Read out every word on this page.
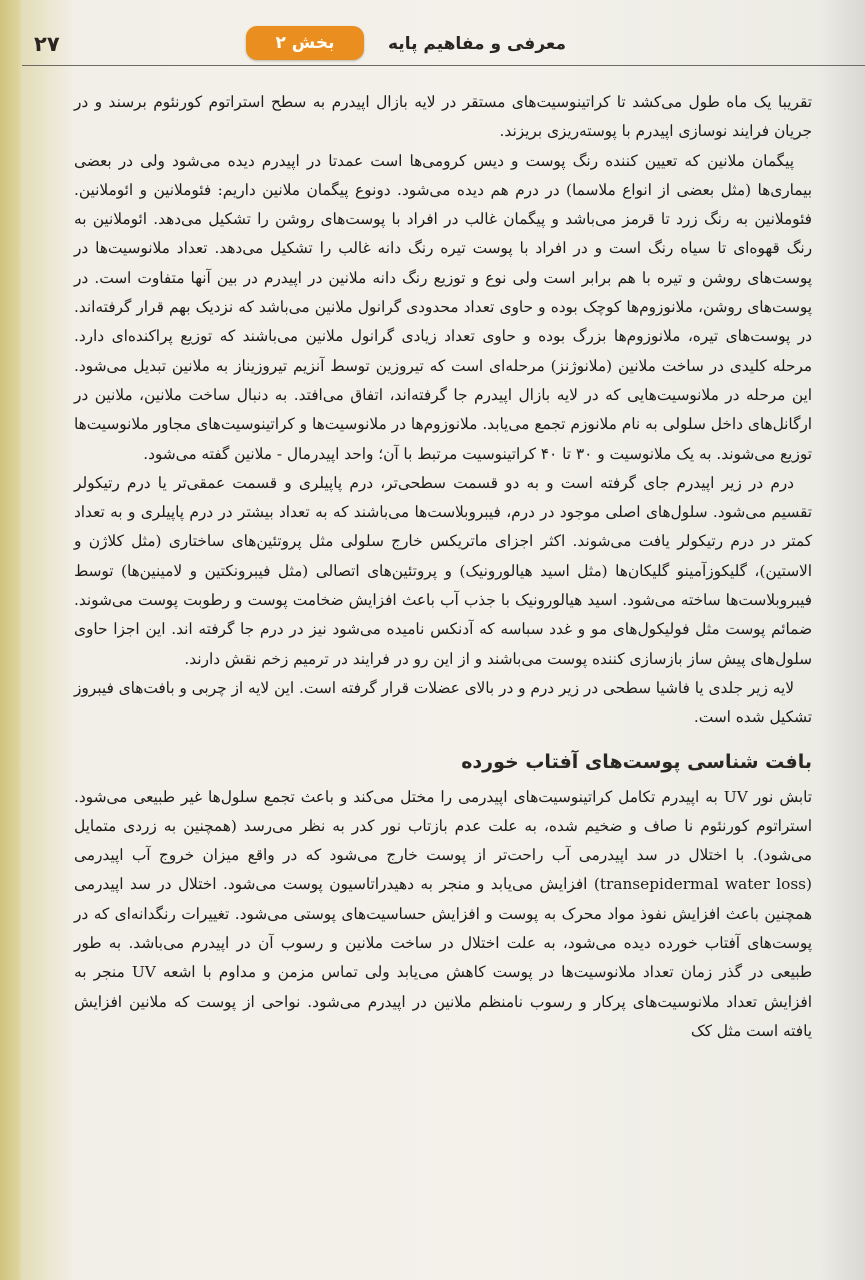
۲۷	بخش ۲	معرفی و مفاهیم پایه

تقریبا یک ماه طول می‌کشد تا کراتینوسیت‌های مستقر در لایه بازال اپیدرم به سطح استراتوم کورنئوم برسند و در جریان فرایند نوسازی اپیدرم با پوسته‌ریزی بریزند.

پیگمان ملانین که تعیین کننده رنگ پوست و دیس کرومی‌ها است عمدتا در اپیدرم دیده می‌شود ولی در بعضی بیماری‌ها (مثل بعضی از انواع ملاسما) در درم هم دیده می‌شود. دونوع پیگمان ملانین داریم: فئوملانین و ائوملانین. فئوملانین به رنگ زرد تا قرمز می‌باشد و پیگمان غالب در افراد با پوست‌های روشن را تشکیل می‌دهد. ائوملانین به رنگ قهوه‌ای تا سیاه رنگ است و در افراد با پوست تیره رنگ دانه غالب را تشکیل می‌دهد. تعداد ملانوسیت‌ها در پوست‌های روشن و تیره با هم برابر است ولی نوع و توزیع رنگ دانه ملانین در اپیدرم در بین آنها متفاوت است. در پوست‌های روشن، ملانوزوم‌ها کوچک بوده و حاوی تعداد محدودی گرانول ملانین می‌باشد که نزدیک بهم قرار گرفته‌اند. در پوست‌های تیره، ملانوزوم‌ها بزرگ بوده و حاوی تعداد زیادی گرانول ملانین می‌باشند که توزیع پراکنده‌ای دارد. مرحله کلیدی در ساخت ملانین (ملانوژنز) مرحله‌ای است که تیروزین توسط آنزیم تیروزیناز به ملانین تبدیل می‌شود. این مرحله در ملانوسیت‌هایی که در لایه بازال اپیدرم جا گرفته‌اند، اتفاق می‌افتد. به دنبال ساخت ملانین، ملانین در ارگانل‌های داخل سلولی به نام ملانوزم تجمع می‌یابد. ملانوزوم‌ها در ملانوسیت‌ها و کراتینوسیت‌های مجاور ملانوسیت‌ها توزیع می‌شوند. به یک ملانوسیت و ۳۰ تا ۴۰ کراتینوسیت مرتبط با آن؛ واحد اپیدرمال - ملانین گفته می‌شود.

درم در زیر اپیدرم جای گرفته است و به دو قسمت سطحی‌تر، درم پاپیلری و قسمت عمقی‌تر یا درم رتیکولر تقسیم می‌شود. سلول‌های اصلی موجود در درم، فیبروبلاست‌ها می‌باشند که به تعداد بیشتر در درم پاپیلری و به تعداد کمتر در درم رتیکولر یافت می‌شوند. اکثر اجزای ماتریکس خارج سلولی مثل پروتئین‌های ساختاری (مثل کلاژن و الاستین)، گلیکوزآمینو گلیکان‌ها (مثل اسید هیالورونیک) و پروتئین‌های اتصالی (مثل فیبرونکتین و لامینین‌ها) توسط فیبروبلاست‌ها ساخته می‌شود. اسید هیالورونیک با جذب آب باعث افزایش ضخامت پوست و رطوبت پوست می‌شوند. ضمائم پوست مثل فولیکول‌های مو و غدد سباسه که آدنکس نامیده می‌شود نیز در درم جا گرفته اند. این اجزا حاوی سلول‌های پیش ساز بازسازی کننده پوست می‌باشند و از این رو در فرایند در ترمیم زخم نقش دارند.

لایه زیر جلدی یا فاشیا سطحی در زیر درم و در بالای عضلات قرار گرفته است. این لایه از چربی و بافت‌های فیبروز تشکیل شده است.

بافت شناسی پوست‌های آفتاب خورده

تابش نور UV به اپیدرم تکامل کراتینوسیت‌های اپیدرمی را مختل می‌کند و باعث تجمع سلول‌ها غیر طبیعی می‌شود. استراتوم کورنئوم نا صاف و ضخیم شده، به علت عدم بازتاب نور کدر به نظر می‌رسد (همچنین به زردی متمایل می‌شود). با اختلال در سد اپیدرمی آب راحت‌تر از پوست خارج می‌شود که در واقع میزان خروج آب اپیدرمی (transepidermal water loss) افزایش می‌یابد و منجر به دهیدراتاسیون پوست می‌شود. اختلال در سد اپیدرمی همچنین باعث افزایش نفوذ مواد محرک به پوست و افزایش حساسیت‌های پوستی می‌شود. تغییرات رنگدانه‌ای که در پوست‌های آفتاب خورده دیده می‌شود، به علت اختلال در ساخت ملانین و رسوب آن در اپیدرم می‌باشد. به طور طبیعی در گذر زمان تعداد ملانوسیت‌ها در پوست کاهش می‌یابد ولی تماس مزمن و مداوم با اشعه UV منجر به افزایش تعداد ملانوسیت‌های پرکار و رسوب نامنظم ملانین در اپیدرم می‌شود. نواحی از پوست که ملانین افزایش یافته است مثل کک
